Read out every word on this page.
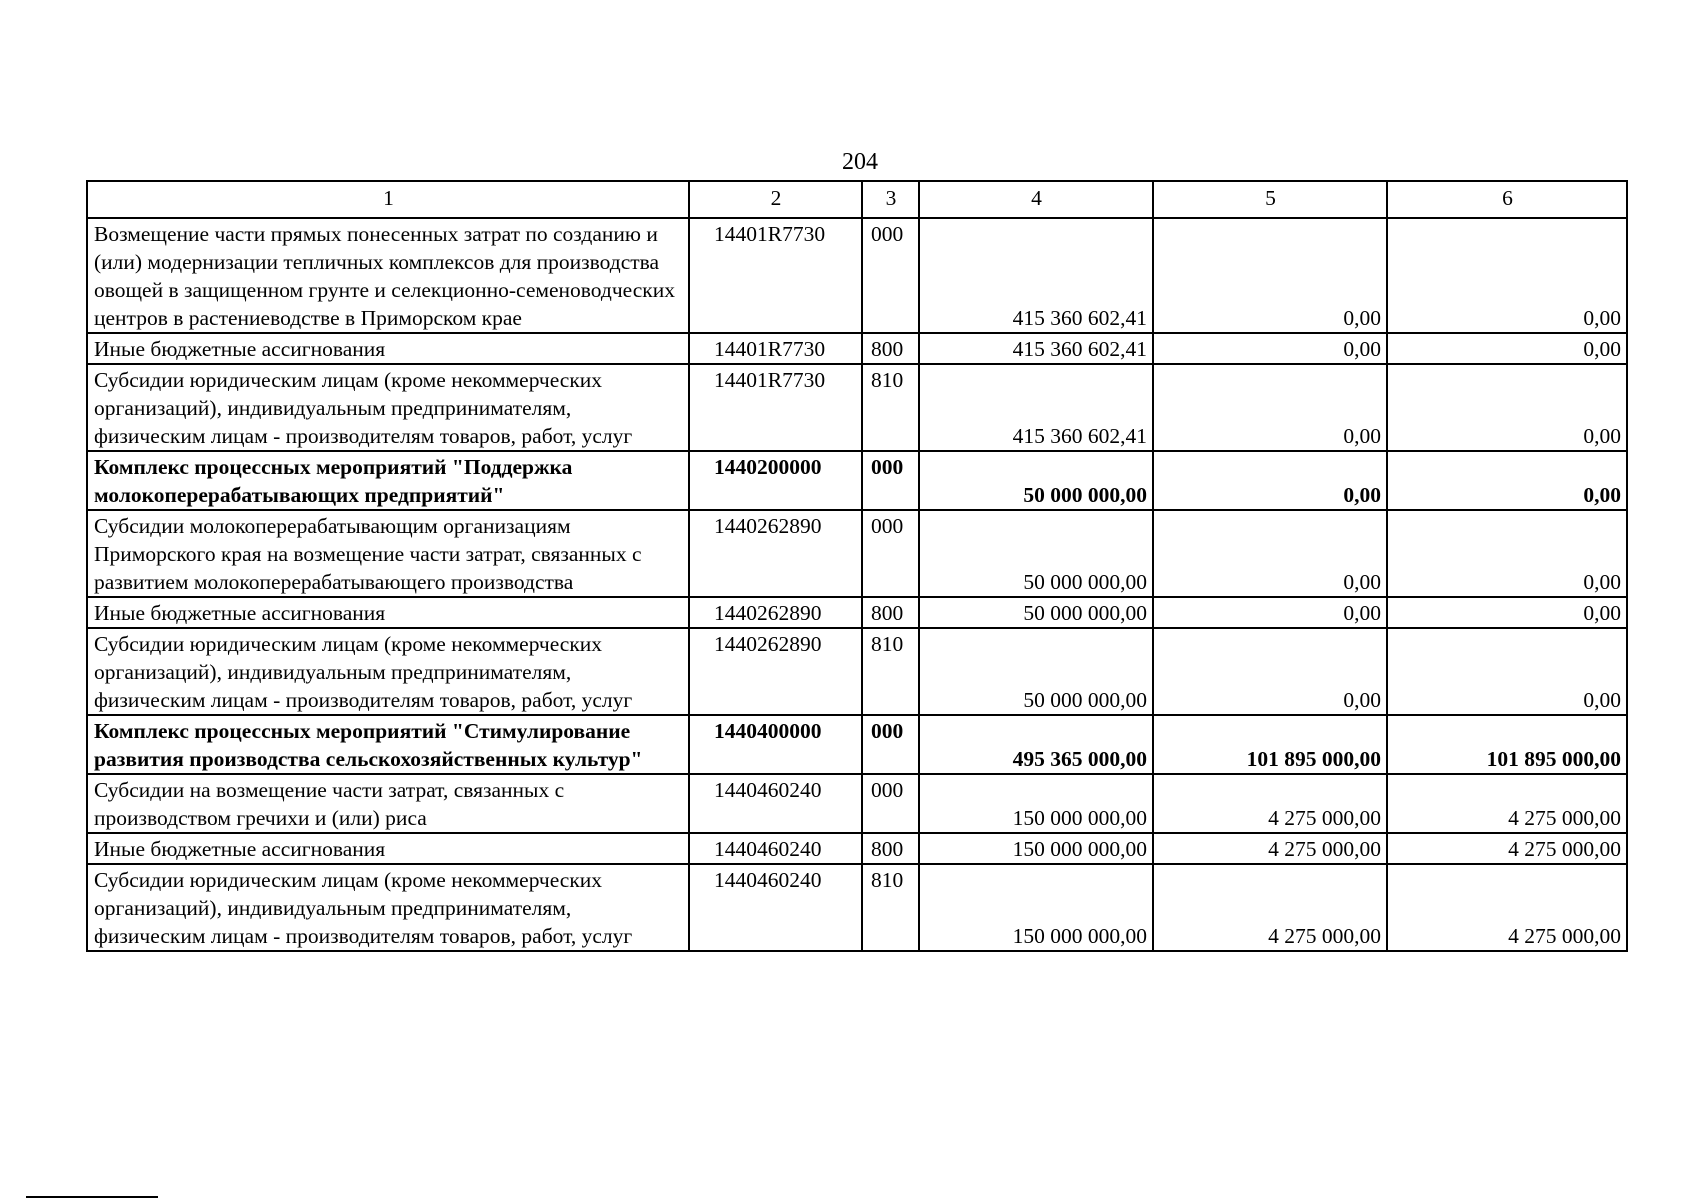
204
1	2	3	4	5	6
Возмещение части прямых понесенных затрат по созданию и (или) модернизации тепличных комплексов для производства овощей в защищенном грунте и селекционно-семеноводческих центров в растениеводстве в Приморском крае	14401R7730	000	415 360 602,41	0,00	0,00
Иные бюджетные ассигнования	14401R7730	800	415 360 602,41	0,00	0,00
Субсидии юридическим лицам (кроме некоммерческих организаций), индивидуальным предпринимателям, физическим лицам - производителям товаров, работ, услуг	14401R7730	810	415 360 602,41	0,00	0,00
Комплекс процессных мероприятий "Поддержка молокоперерабатывающих предприятий"	1440200000	000	50 000 000,00	0,00	0,00
Субсидии молокоперерабатывающим организациям Приморского края на возмещение части затрат, связанных с развитием молокоперерабатывающего производства	1440262890	000	50 000 000,00	0,00	0,00
Иные бюджетные ассигнования	1440262890	800	50 000 000,00	0,00	0,00
Субсидии юридическим лицам (кроме некоммерческих организаций), индивидуальным предпринимателям, физическим лицам - производителям товаров, работ, услуг	1440262890	810	50 000 000,00	0,00	0,00
Комплекс процессных мероприятий "Стимулирование развития производства сельскохозяйственных культур"	1440400000	000	495 365 000,00	101 895 000,00	101 895 000,00
Субсидии на возмещение части затрат, связанных с производством гречихи и (или) риса	1440460240	000	150 000 000,00	4 275 000,00	4 275 000,00
Иные бюджетные ассигнования	1440460240	800	150 000 000,00	4 275 000,00	4 275 000,00
Субсидии юридическим лицам (кроме некоммерческих организаций), индивидуальным предпринимателям, физическим лицам - производителям товаров, работ, услуг	1440460240	810	150 000 000,00	4 275 000,00	4 275 000,00
